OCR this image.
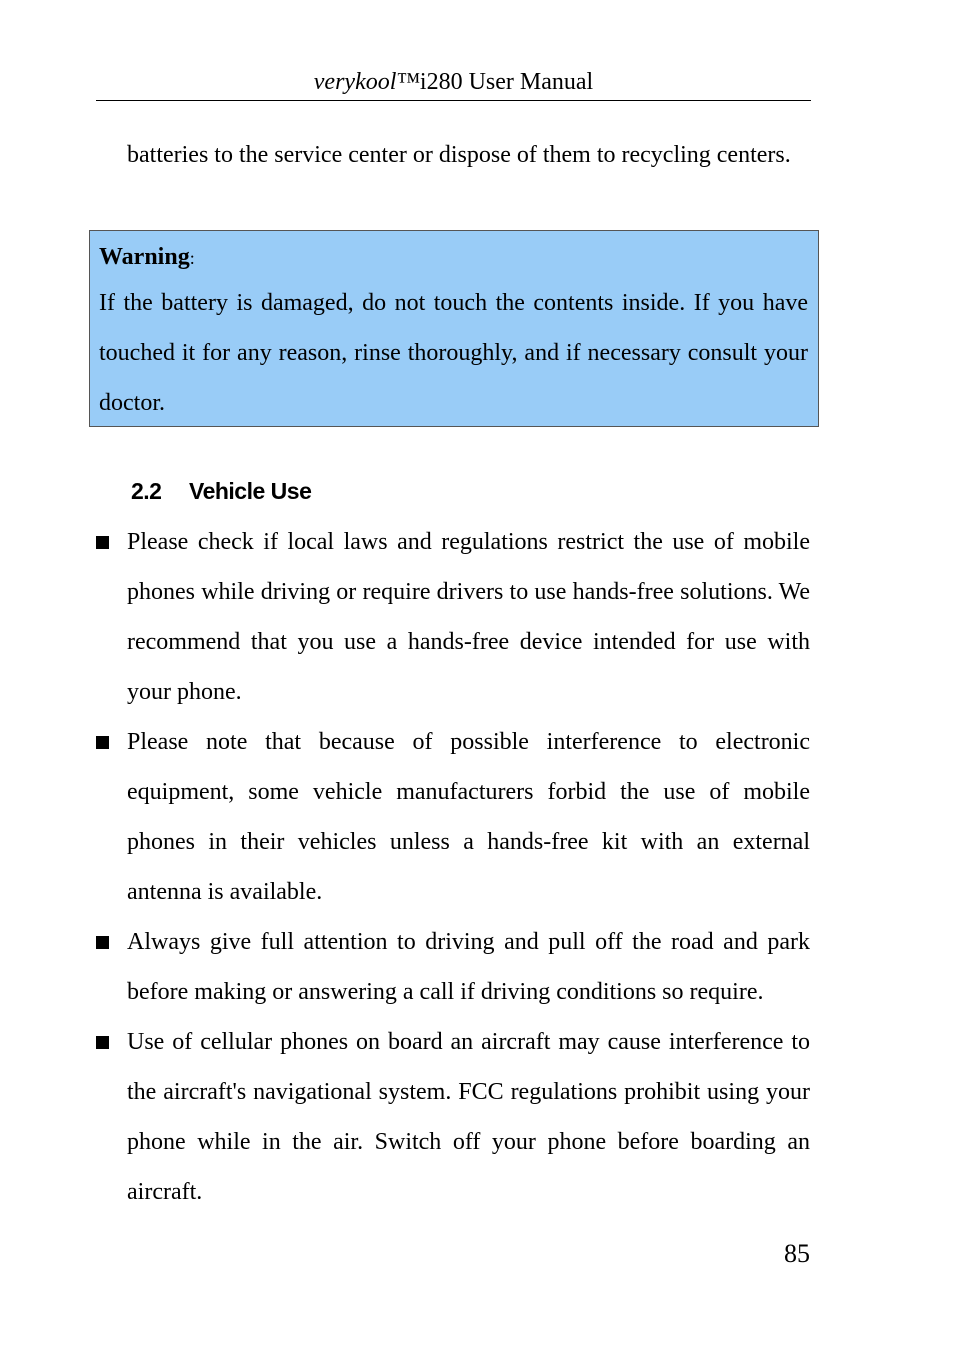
verykool™i280 User Manual

batteries to the service center or dispose of them to recycling centers.

Warning:

If the battery is damaged, do not touch the contents inside. If you have touched it for any reason, rinse thoroughly, and if necessary consult your doctor.

2.2 Vehicle Use
Please check if local laws and regulations restrict the use of mobile phones while driving or require drivers to use hands-free solutions. We recommend that you use a hands-free device intended for use with your phone.
Please note that because of possible interference to electronic equipment, some vehicle manufacturers forbid the use of mobile phones in their vehicles unless a hands-free kit with an external antenna is available.
Always give full attention to driving and pull off the road and park before making or answering a call if driving conditions so require.
Use of cellular phones on board an aircraft may cause interference to the aircraft's navigational system. FCC regulations prohibit using your phone while in the air. Switch off your phone before boarding an aircraft.
85
